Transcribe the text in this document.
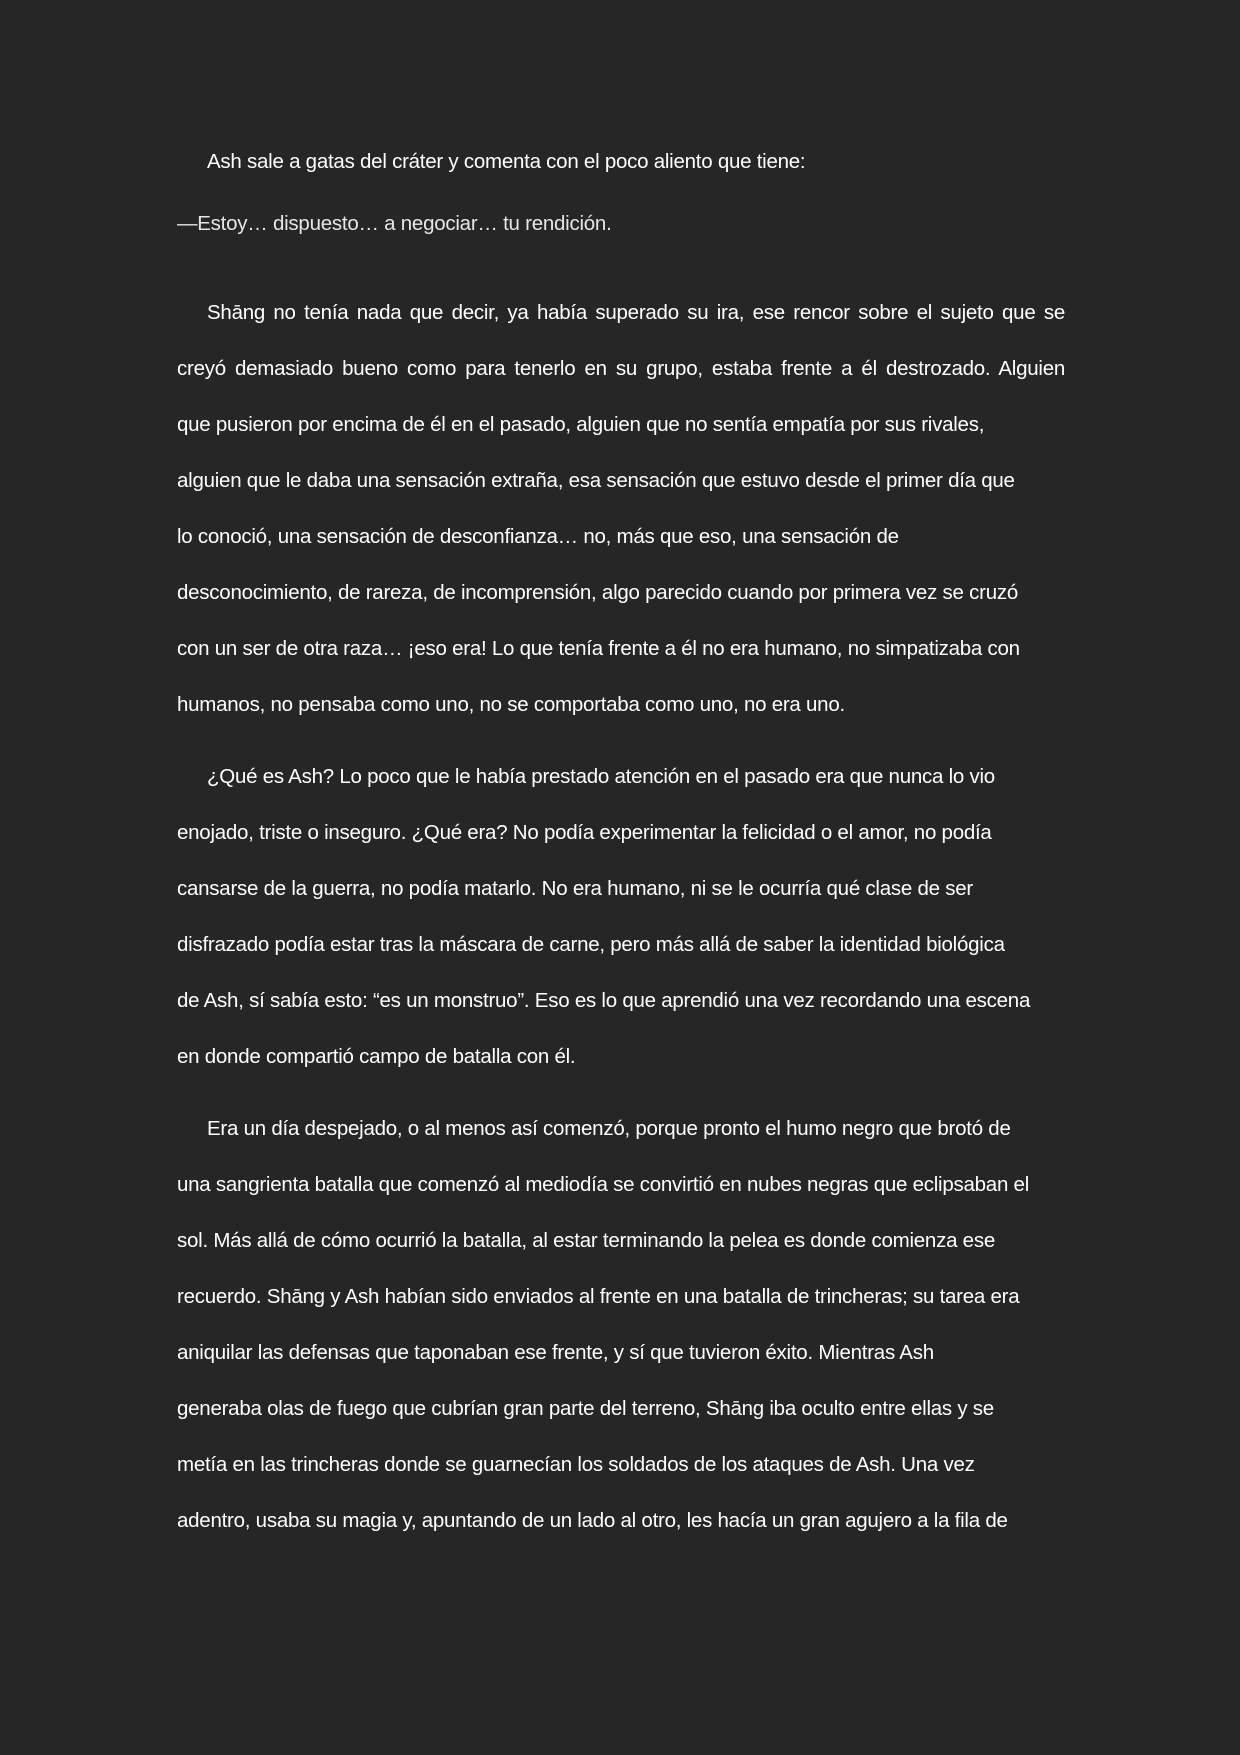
Ash sale a gatas del cráter y comenta con el poco aliento que tiene:
—Estoy… dispuesto… a negociar… tu rendición.
Shāng no tenía nada que decir, ya había superado su ira, ese rencor sobre el sujeto que se
creyó demasiado bueno como para tenerlo en su grupo, estaba frente a él destrozado. Alguien
que pusieron por encima de él en el pasado, alguien que no sentía empatía por sus rivales,
alguien que le daba una sensación extraña, esa sensación que estuvo desde el primer día que
lo conoció, una sensación de desconfianza… no, más que eso, una sensación de
desconocimiento, de rareza, de incomprensión, algo parecido cuando por primera vez se cruzó
con un ser de otra raza… ¡eso era! Lo que tenía frente a él no era humano, no simpatizaba con
humanos, no pensaba como uno, no se comportaba como uno, no era uno.
¿Qué es Ash? Lo poco que le había prestado atención en el pasado era que nunca lo vio
enojado, triste o inseguro. ¿Qué era? No podía experimentar la felicidad o el amor, no podía
cansarse de la guerra, no podía matarlo. No era humano, ni se le ocurría qué clase de ser
disfrazado podía estar tras la máscara de carne, pero más allá de saber la identidad biológica
de Ash, sí sabía esto: “es un monstruo”. Eso es lo que aprendió una vez recordando una escena
en donde compartió campo de batalla con él.
Era un día despejado, o al menos así comenzó, porque pronto el humo negro que brotó de
una sangrienta batalla que comenzó al mediodía se convirtió en nubes negras que eclipsaban el
sol. Más allá de cómo ocurrió la batalla, al estar terminando la pelea es donde comienza ese
recuerdo. Shāng y Ash habían sido enviados al frente en una batalla de trincheras; su tarea era
aniquilar las defensas que taponaban ese frente, y sí que tuvieron éxito. Mientras Ash
generaba olas de fuego que cubrían gran parte del terreno, Shāng iba oculto entre ellas y se
metía en las trincheras donde se guarnecían los soldados de los ataques de Ash. Una vez
adentro, usaba su magia y, apuntando de un lado al otro, les hacía un gran agujero a la fila de
